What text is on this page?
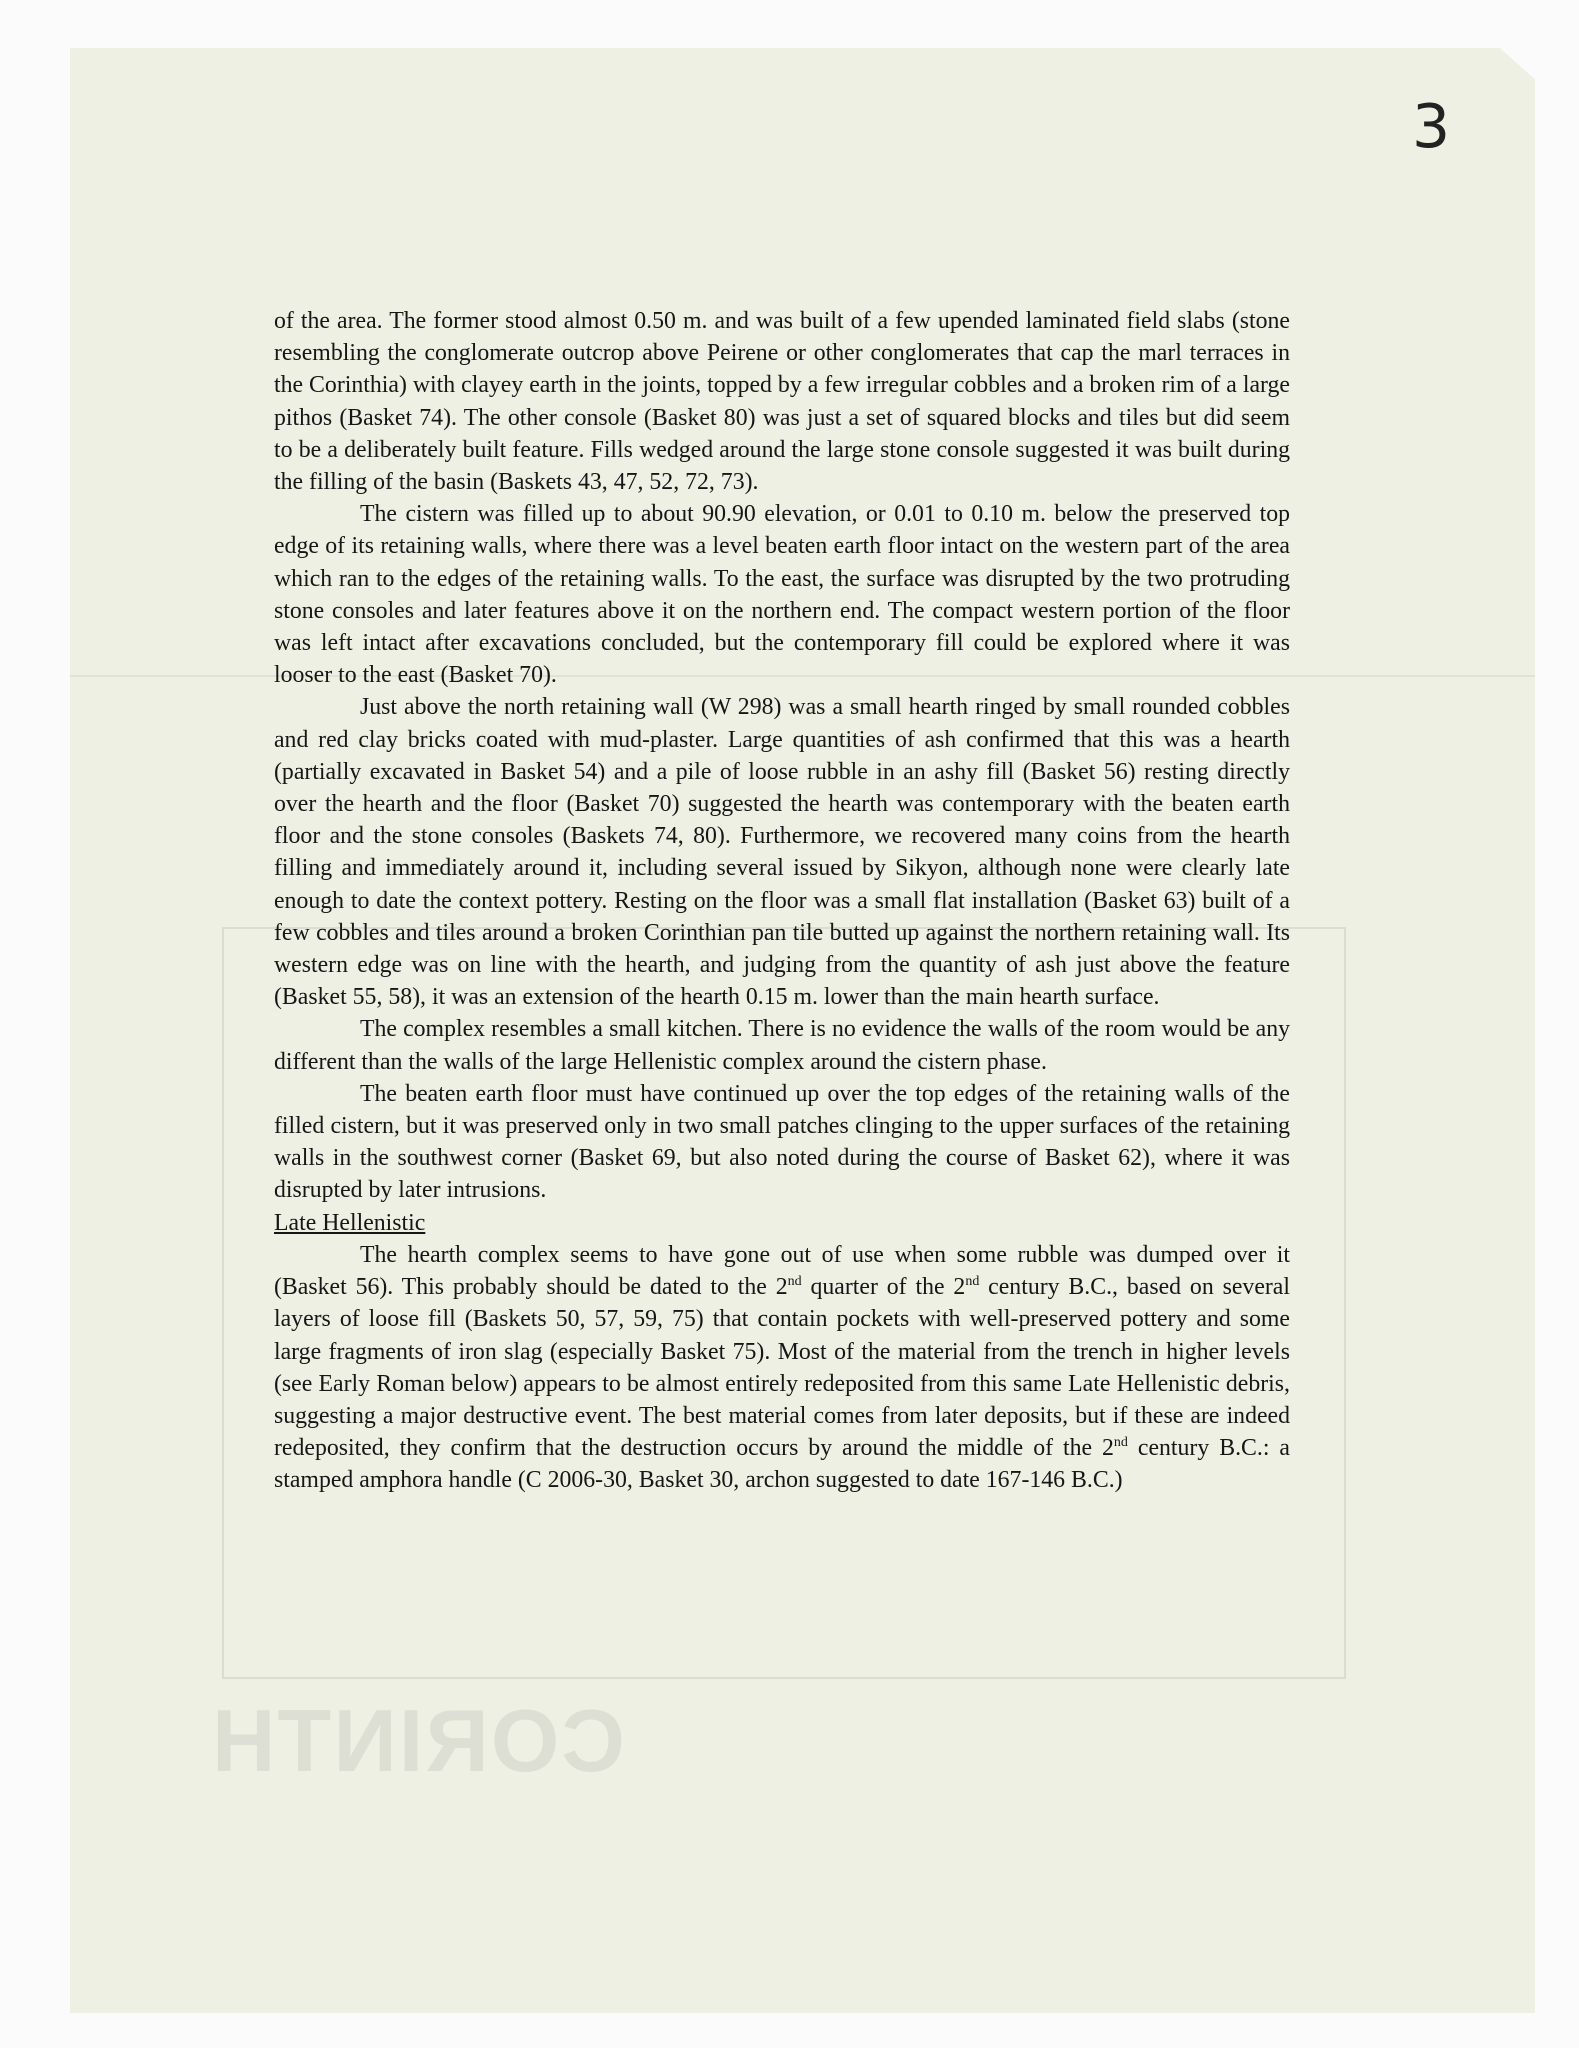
CORINTH
3

of the area. The former stood almost 0.50 m. and was built of a few upended laminated field slabs (stone resembling the conglomerate outcrop above Peirene or other conglomerates that cap the marl terraces in the Corinthia) with clayey earth in the joints, topped by a few irregular cobbles and a broken rim of a large pithos (Basket 74). The other console (Basket 80) was just a set of squared blocks and tiles but did seem to be a deliberately built feature. Fills wedged around the large stone console suggested it was built during the filling of the basin (Baskets 43, 47, 52, 72, 73).

The cistern was filled up to about 90.90 elevation, or 0.01 to 0.10 m. below the preserved top edge of its retaining walls, where there was a level beaten earth floor intact on the western part of the area which ran to the edges of the retaining walls. To the east, the surface was disrupted by the two protruding stone consoles and later features above it on the northern end. The compact western portion of the floor was left intact after excavations concluded, but the contemporary fill could be explored where it was looser to the east (Basket 70).

Just above the north retaining wall (W 298) was a small hearth ringed by small rounded cobbles and red clay bricks coated with mud-plaster. Large quantities of ash confirmed that this was a hearth (partially excavated in Basket 54) and a pile of loose rubble in an ashy fill (Basket 56) resting directly over the hearth and the floor (Basket 70) suggested the hearth was contemporary with the beaten earth floor and the stone consoles (Baskets 74, 80). Furthermore, we recovered many coins from the hearth filling and immediately around it, including several issued by Sikyon, although none were clearly late enough to date the context pottery. Resting on the floor was a small flat installation (Basket 63) built of a few cobbles and tiles around a broken Corinthian pan tile butted up against the northern retaining wall. Its western edge was on line with the hearth, and judging from the quantity of ash just above the feature (Basket 55, 58), it was an extension of the hearth 0.15 m. lower than the main hearth surface.

The complex resembles a small kitchen. There is no evidence the walls of the room would be any different than the walls of the large Hellenistic complex around the cistern phase.

The beaten earth floor must have continued up over the top edges of the retaining walls of the filled cistern, but it was preserved only in two small patches clinging to the upper surfaces of the retaining walls in the southwest corner (Basket 69, but also noted during the course of Basket 62), where it was disrupted by later intrusions.

Late Hellenistic

The hearth complex seems to have gone out of use when some rubble was dumped over it (Basket 56). This probably should be dated to the 2nd quarter of the 2nd century B.C., based on several layers of loose fill (Baskets 50, 57, 59, 75) that contain pockets with well-preserved pottery and some large fragments of iron slag (especially Basket 75). Most of the material from the trench in higher levels (see Early Roman below) appears to be almost entirely redeposited from this same Late Hellenistic debris, suggesting a major destructive event. The best material comes from later deposits, but if these are indeed redeposited, they confirm that the destruction occurs by around the middle of the 2nd century B.C.: a stamped amphora handle (C 2006-30, Basket 30, archon suggested to date 167-146 B.C.)
